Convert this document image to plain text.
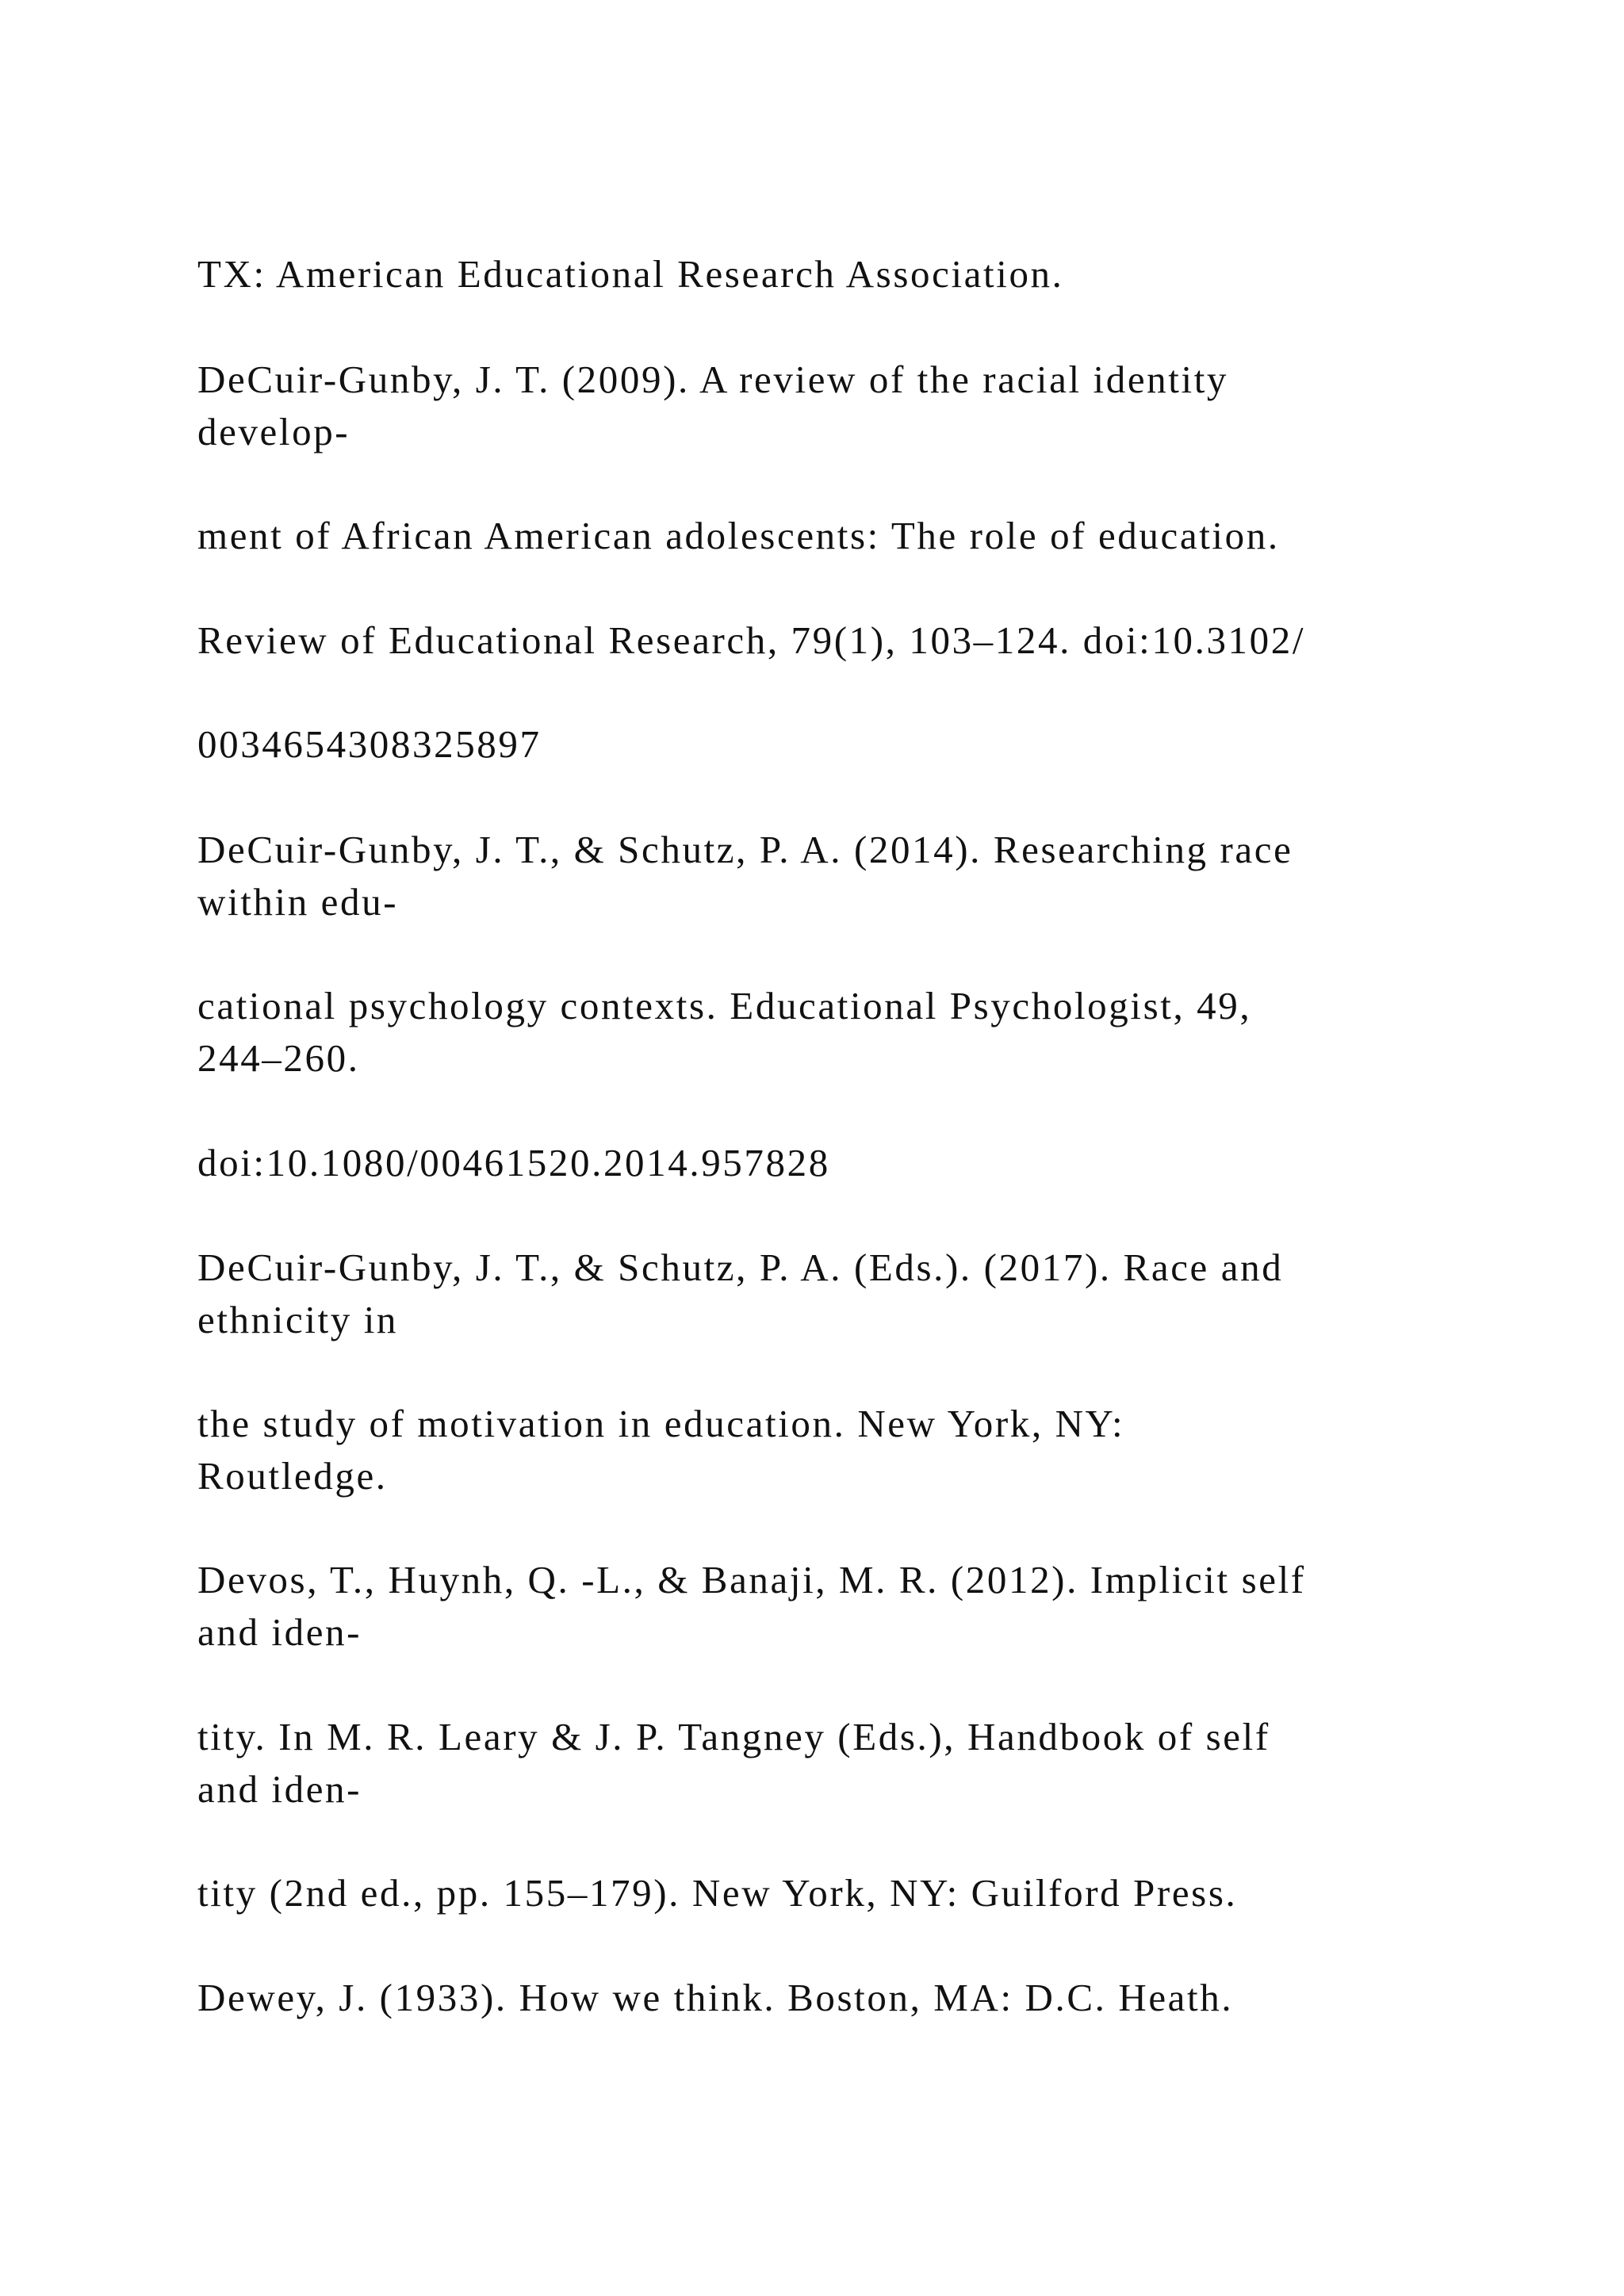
TX: American Educational Research Association.

DeCuir-Gunby, J. T. (2009). A review of the racial identity

develop-

ment of African American adolescents: The role of education.

Review of Educational Research, 79(1), 103–124. doi:10.3102/

0034654308325897

DeCuir-Gunby, J. T., & Schutz, P. A. (2014). Researching race

within edu-

cational psychology contexts. Educational Psychologist, 49,

244–260.

doi:10.1080/00461520.2014.957828

DeCuir-Gunby, J. T., & Schutz, P. A. (Eds.). (2017). Race and

ethnicity in

the study of motivation in education. New York, NY:

Routledge.

Devos, T., Huynh, Q. -L., & Banaji, M. R. (2012). Implicit self

and iden-

tity. In M. R. Leary & J. P. Tangney (Eds.), Handbook of self

and iden-

tity (2nd ed., pp. 155–179). New York, NY: Guilford Press.

Dewey, J. (1933). How we think. Boston, MA: D.C. Heath.
